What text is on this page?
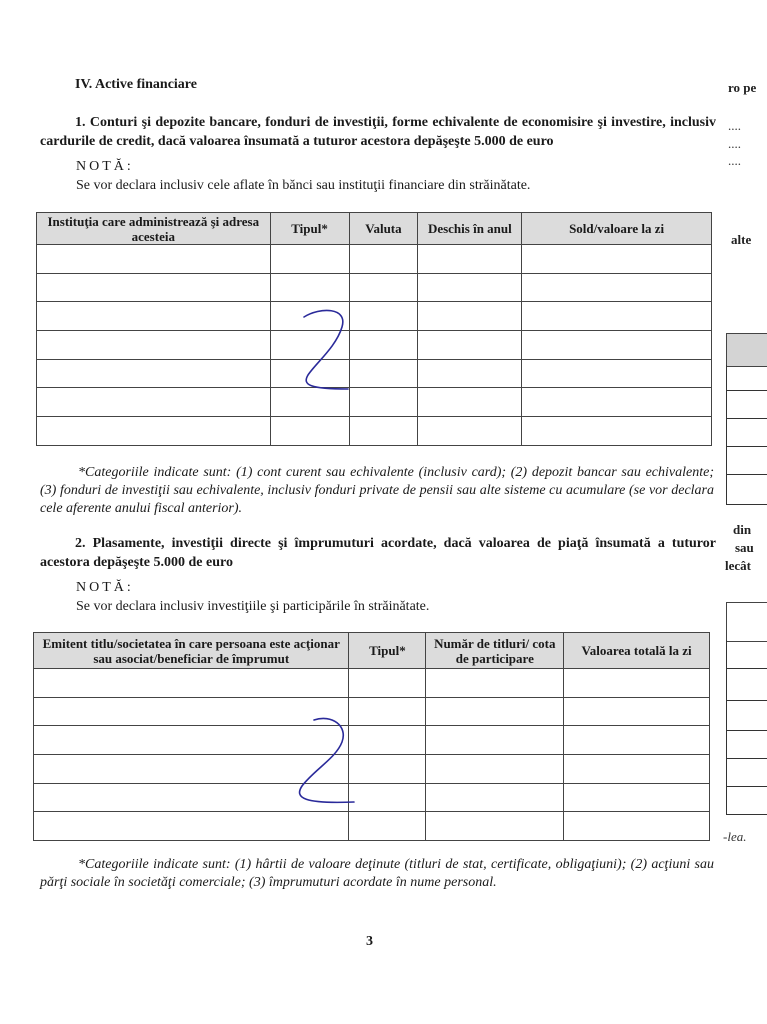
IV. Active financiare
1. Conturi şi depozite bancare, fonduri de investiţii, forme echivalente de economisire şi investire, inclusiv cardurile de credit, dacă valoarea însumată a tuturor acestora depăşeşte 5.000 de euro
NOTĂ:
Se vor declara inclusiv cele aflate în bănci sau instituţii financiare din străinătate.
Instituţia care administrează şi adresa acesteia	Tipul*	Valuta	Deschis în anul	Sold/valoare la zi

*Categoriile indicate sunt: (1) cont curent sau echivalente (inclusiv card); (2) depozit bancar sau echivalente; (3) fonduri de investiţii sau echivalente, inclusiv fonduri private de pensii sau alte sisteme cu acumulare (se vor declara cele aferente anului fiscal anterior).
2. Plasamente, investiţii directe şi împrumuturi acordate, dacă valoarea de piaţă însumată a tuturor acestora depăşeşte 5.000 de euro
NOTĂ:
Se vor declara inclusiv investiţiile şi participările în străinătate.
Emitent titlu/societatea în care persoana este acţionar sau asociat/beneficiar de împrumut	Tipul*	Număr de titluri/ cota de participare	Valoarea totală la zi

*Categoriile indicate sunt: (1) hârtii de valoare deţinute (titluri de stat, certificate, obligaţiuni); (2) acţiuni sau părţi sociale în societăţi comerciale; (3) împrumuturi acordate în nume personal.
3
ro pe
....
....
....
alte
din
sau
lecât
-lea.
